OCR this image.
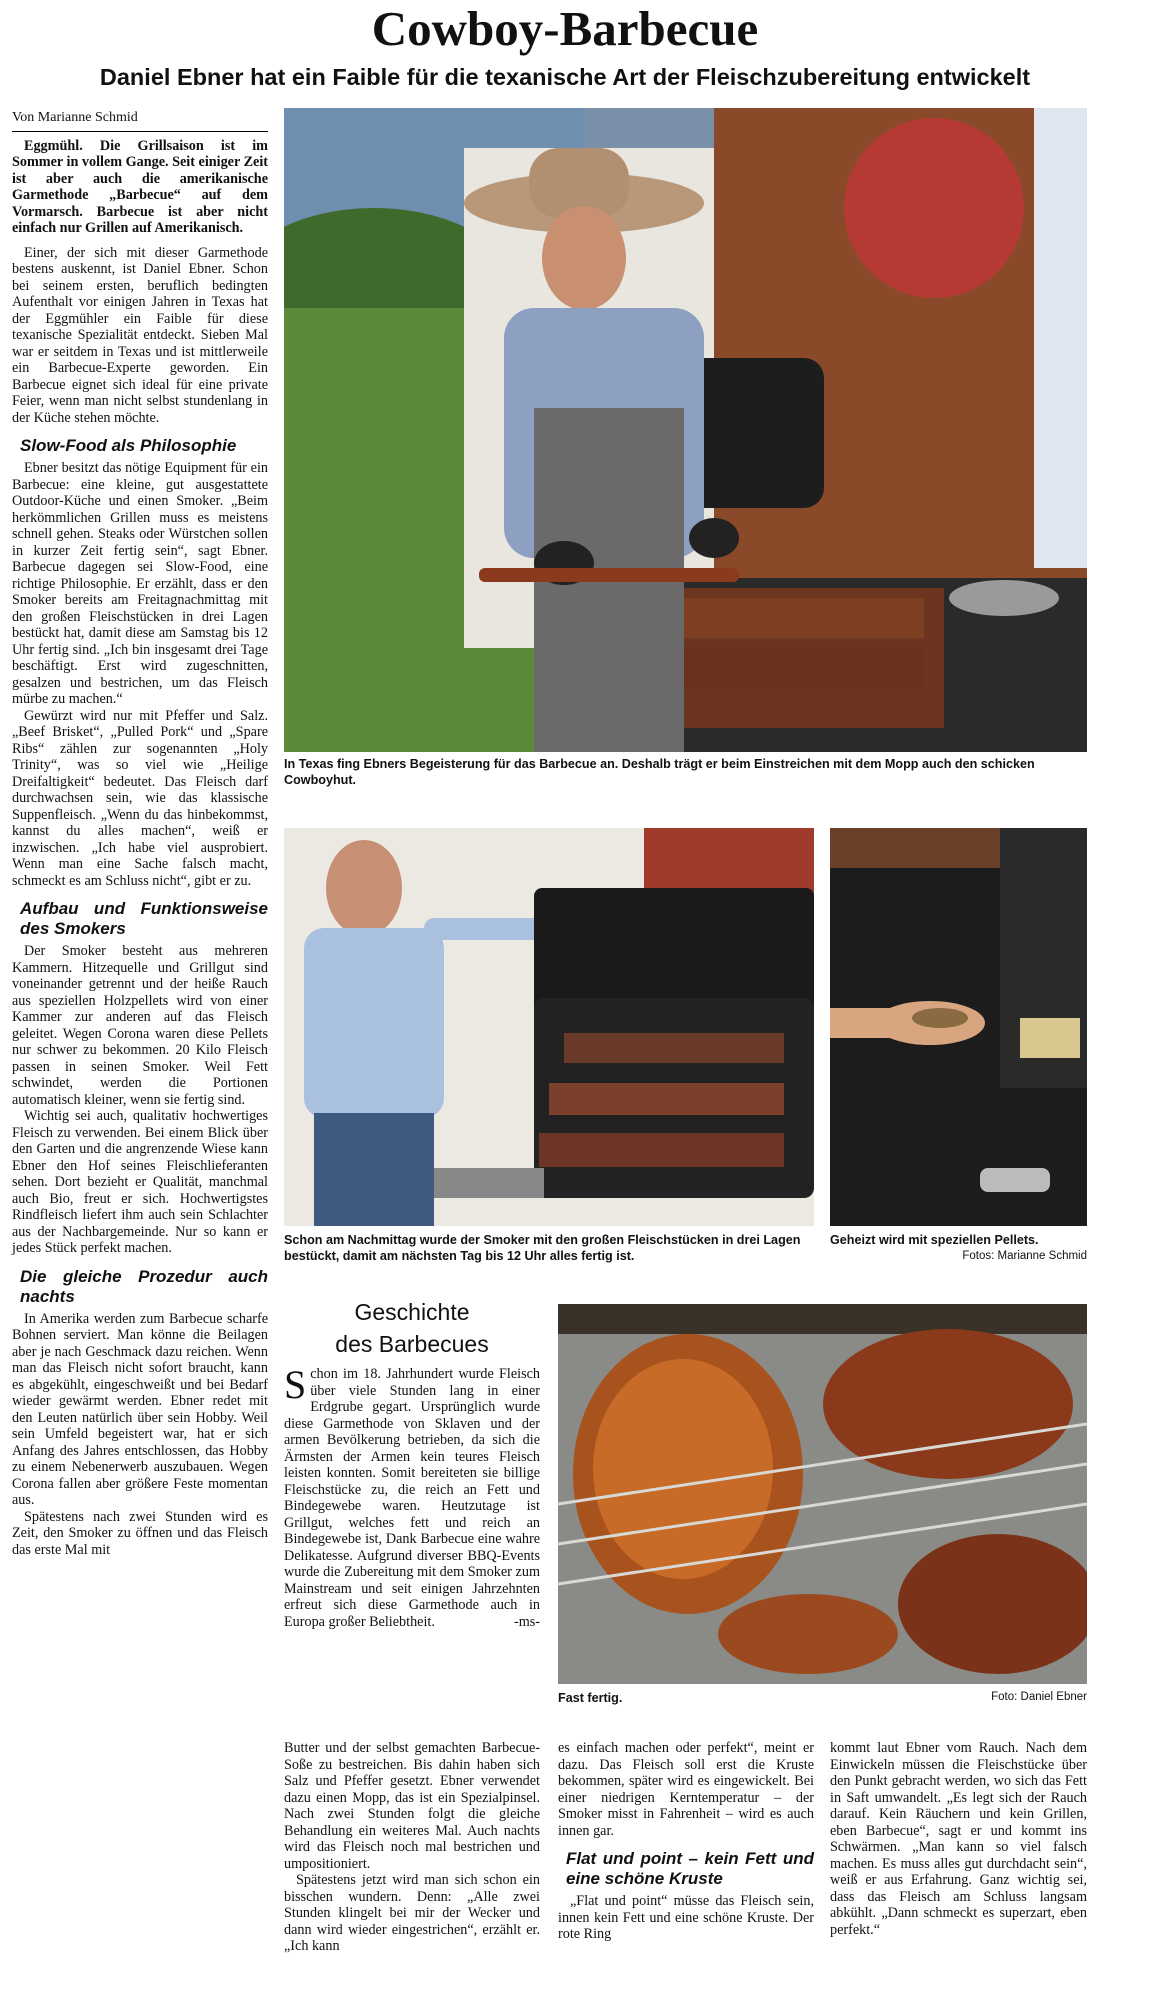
Cowboy-Barbecue
Daniel Ebner hat ein Faible für die texanische Art der Fleischzubereitung entwickelt
Von Marianne Schmid

Eggmühl. Die Grillsaison ist im Sommer in vollem Gange. Seit einiger Zeit ist aber auch die amerikanische Garmethode „Barbecue“ auf dem Vormarsch. Barbecue ist aber nicht einfach nur Grillen auf Amerikanisch.

Einer, der sich mit dieser Garmethode bestens auskennt, ist Daniel Ebner. Schon bei seinem ersten, beruflich bedingten Aufenthalt vor einigen Jahren in Texas hat der Eggmühler ein Faible für diese texanische Spezialität entdeckt. Sieben Mal war er seitdem in Texas und ist mittlerweile ein Barbecue-Experte geworden. Ein Barbecue eignet sich ideal für eine private Feier, wenn man nicht selbst stundenlang in der Küche stehen möchte.

Slow-Food als Philosophie

Ebner besitzt das nötige Equipment für ein Barbecue: eine kleine, gut ausgestattete Outdoor-Küche und einen Smoker. „Beim herkömmlichen Grillen muss es meistens schnell gehen. Steaks oder Würstchen sollen in kurzer Zeit fertig sein“, sagt Ebner. Barbecue dagegen sei Slow-Food, eine richtige Philosophie. Er erzählt, dass er den Smoker bereits am Freitagnachmittag mit den großen Fleischstücken in drei Lagen bestückt hat, damit diese am Samstag bis 12 Uhr fertig sind. „Ich bin insgesamt drei Tage beschäftigt. Erst wird zugeschnitten, gesalzen und bestrichen, um das Fleisch mürbe zu machen.“

Gewürzt wird nur mit Pfeffer und Salz. „Beef Brisket“, „Pulled Pork“ und „Spare Ribs“ zählen zur sogenannten „Holy Trinity“, was so viel wie „Heilige Dreifaltigkeit“ bedeutet. Das Fleisch darf durchwachsen sein, wie das klassische Suppenfleisch. „Wenn du das hinbekommst, kannst du alles machen“, weiß er inzwischen. „Ich habe viel ausprobiert. Wenn man eine Sache falsch macht, schmeckt es am Schluss nicht“, gibt er zu.

Aufbau und Funktionsweise des Smokers

Der Smoker besteht aus mehreren Kammern. Hitzequelle und Grillgut sind voneinander getrennt und der heiße Rauch aus speziellen Holzpellets wird von einer Kammer zur anderen auf das Fleisch geleitet. Wegen Corona waren diese Pellets nur schwer zu bekommen. 20 Kilo Fleisch passen in seinen Smoker. Weil Fett schwindet, werden die Portionen automatisch kleiner, wenn sie fertig sind.

Wichtig sei auch, qualitativ hochwertiges Fleisch zu verwenden. Bei einem Blick über den Garten und die angrenzende Wiese kann Ebner den Hof seines Fleischlieferanten sehen. Dort bezieht er Qualität, manchmal auch Bio, freut er sich. Hochwertigstes Rindfleisch liefert ihm auch sein Schlachter aus der Nachbargemeinde. Nur so kann er jedes Stück perfekt machen.

Die gleiche Prozedur auch nachts

In Amerika werden zum Barbecue scharfe Bohnen serviert. Man könne die Beilagen aber je nach Geschmack dazu reichen. Wenn man das Fleisch nicht sofort braucht, kann es abgekühlt, eingeschweißt und bei Bedarf wieder gewärmt werden. Ebner redet mit den Leuten natürlich über sein Hobby. Weil sein Umfeld begeistert war, hat er sich Anfang des Jahres entschlossen, das Hobby zu einem Nebenerwerb auszubauen. Wegen Corona fallen aber größere Feste momentan aus.

Spätestens nach zwei Stunden wird es Zeit, den Smoker zu öffnen und das Fleisch das erste Mal mit

In Texas fing Ebners Begeisterung für das Barbecue an. Deshalb trägt er beim Einstreichen mit dem Mopp auch den schicken Cowboyhut.
Schon am Nachmittag wurde der Smoker mit den großen Fleischstücken in drei Lagen bestückt, damit am nächsten Tag bis 12 Uhr alles fertig ist.
Geheizt wird mit speziellen Pellets.
Fotos: Marianne Schmid
Geschichte
des Barbecues

Schon im 18. Jahrhundert wurde Fleisch über viele Stunden lang in einer Erdgrube gegart. Ursprünglich wurde diese Garmethode von Sklaven und der armen Bevölkerung betrieben, da sich die Ärmsten der Armen kein teures Fleisch leisten konnten. Somit bereiteten sie billige Fleischstücke zu, die reich an Fett und Bindegewebe waren. Heutzutage ist Grillgut, welches fett und reich an Bindegewebe ist, Dank Barbecue eine wahre Delikatesse. Aufgrund diverser BBQ-Events wurde die Zubereitung mit dem Smoker zum Mainstream und seit einigen Jahrzehnten erfreut sich diese Garmethode auch in Europa großer Beliebtheit.	-ms-

Fast fertig.	Foto: Daniel Ebner

Butter und der selbst gemachten Barbecue-Soße zu bestreichen. Bis dahin haben sich Salz und Pfeffer gesetzt. Ebner verwendet dazu einen Mopp, das ist ein Spezialpinsel. Nach zwei Stunden folgt die gleiche Behandlung ein weiteres Mal. Auch nachts wird das Fleisch noch mal bestrichen und umpositioniert.

Spätestens jetzt wird man sich schon ein bisschen wundern. Denn: „Alle zwei Stunden klingelt bei mir der Wecker und dann wird wieder eingestrichen“, erzählt er. „Ich kann

es einfach machen oder perfekt“, meint er dazu. Das Fleisch soll erst die Kruste bekommen, später wird es eingewickelt. Bei einer niedrigen Kerntemperatur – der Smoker misst in Fahrenheit – wird es auch innen gar.

Flat und point – kein Fett und eine schöne Kruste

„Flat und point“ müsse das Fleisch sein, innen kein Fett und eine schöne Kruste. Der rote Ring

kommt laut Ebner vom Rauch. Nach dem Einwickeln müssen die Fleischstücke über den Punkt gebracht werden, wo sich das Fett in Saft umwandelt. „Es legt sich der Rauch darauf. Kein Räuchern und kein Grillen, eben Barbecue“, sagt er und kommt ins Schwärmen. „Man kann so viel falsch machen. Es muss alles gut durchdacht sein“, weiß er aus Erfahrung. Ganz wichtig sei, dass das Fleisch am Schluss langsam abkühlt. „Dann schmeckt es superzart, eben perfekt.“
